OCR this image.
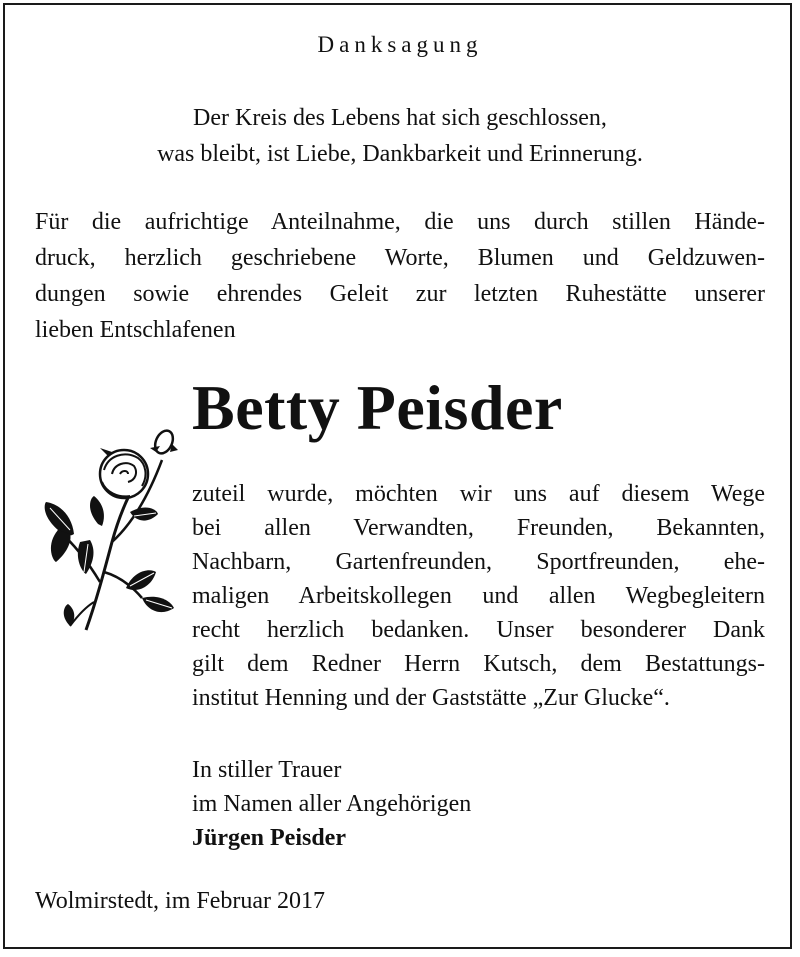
Danksagung
Der Kreis des Lebens hat sich geschlossen,
was bleibt, ist Liebe, Dankbarkeit und Erinnerung.
Für die aufrichtige Anteilnahme, die uns durch stillen Hände-
druck, herzlich geschriebene Worte, Blumen und Geldzuwen-
dungen sowie ehrendes Geleit zur letzten Ruhestätte unserer
lieben Entschlafenen
Betty Peisder
zuteil wurde, möchten wir uns auf diesem Wege
bei allen Verwandten, Freunden, Bekannten,
Nachbarn, Gartenfreunden, Sportfreunden, ehe-
maligen Arbeitskollegen und allen Wegbegleitern
recht herzlich bedanken. Unser besonderer Dank
gilt dem Redner Herrn Kutsch, dem Bestattungs-
institut Henning und der Gaststätte „Zur Glucke“.
In stiller Trauer
im Namen aller Angehörigen
Jürgen Peisder
Wolmirstedt, im Februar 2017
